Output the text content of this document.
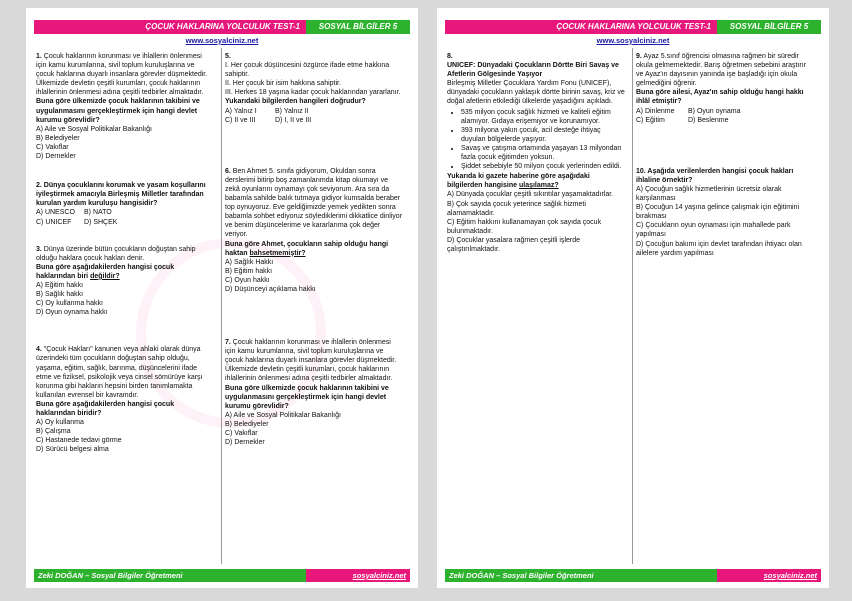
ÇOCUK HAKLARINA YOLCULUK TEST-1	SOSYAL BİLGİLER 5
www.sosyalciniz.net

1. Çocuk haklarının korunması ve ihlallerin önlenmesi için kamu kurumlarına, sivil toplum kuruluşlarına ve çocuk haklarına duyarlı insanlara görevler düşmektedir. Ülkemizde devletin çeşitli kurumları, çocuk haklarının ihlallerinin önlenmesi adına çeşitli tedbirler almaktadır.

Buna göre ülkemizde çocuk haklarının takibini ve uygulanmasını gerçekleştirmek için hangi devlet kurumu görevlidir?

A) Aile ve Sosyal Politikalar Bakanlığı

B) Belediyeler

C) Vakıflar

D) Dernekler

2. Dünya çocuklarını korumak ve yasam koşullarını iyileştirmek amacıyla Birleşmiş Milletler tarafından kurulan yardım kuruluşu hangisidir?

A) UNESCO	B) NATO

C) UNICEF	D) SHÇEK

3. Dünya üzerinde bütün çocukların doğuştan sahip olduğu haklara çocuk hakları denir.

Buna göre aşağıdakilerden hangisi çocuk haklarından biri değildir?

A) Eğitim hakkı

B) Sağlık hakkı

C) Oy kullanma hakkı

D) Oyun oynama hakkı

4. "Çocuk Hakları" kanunen veya ahlaki olarak dünya üzerindeki tüm çocukların doğuştan sahip olduğu, yaşama, eğitim, sağlık, barınma, düşüncelerini ifade etme ve fiziksel, psikolojik veya cinsel sömürüye karşı korunma gibi hakların hepsini birden tanımlamakta kullanılan evrensel bir kavramdır.

Buna göre aşağıdakilerden hangisi çocuk haklarından biridir?

A) Oy kullanma

B) Çalışma

C) Hastanede tedavi görme

D) Sürücü belgesi alma

5.

I. Her çocuk düşüncesini özgürce ifade etme hakkına sahiptir.

II. Her çocuk bir isim hakkına sahiptir.

III. Herkes 18 yaşına kadar çocuk haklarından yararlanır.

Yukarıdaki bilgilerden hangileri doğrudur?

A) Yalnız I	B) Yalnız II

C) II ve III	D) I, II ve III

6. Ben Ahmet 5. sınıfa gidiyorum, Okuldan sonra derslerimi bitirip boş zamanlarımda kitap okumayı ve zekâ oyunlarını oynamayı çok seviyorum. Ara sıra da babamla sahilde balık tutmaya gidiyor kumsalda beraber top oynuyoruz. Eve geldiğimizde yemek yedikten sonra babamla sohbet ediyoruz söylediklerimi dikkatlice dinliyor ve benim düşüncelerime ve kararlarıma çok değer veriyor.

Buna göre Ahmet, çocukların sahip olduğu hangi haktan bahsetmemiştir?

A) Sağlık Hakkı

B) Eğitim hakkı

C) Oyun hakkı

D) Düşünceyi açıklama hakkı

7. Çocuk haklarının korunması ve ihlallerin önlenmesi için kamu kurumlarına, sivil toplum kuruluşlarına ve çocuk haklarına duyarlı insanlara görevler düşmektedir. Ülkemizde devletin çeşitli kurumları, çocuk haklarının ihlallerinin önlenmesi adına çeşitli tedbirler almaktadır.

Buna göre ülkemizde çocuk haklarının takibini ve uygulanmasını gerçekleştirmek için hangi devlet kurumu görevlidir?

A) Aile ve Sosyal Politikalar Bakanlığı

B) Belediyeler

C) Vakıflar

D) Dernekler

Zeki DOĞAN – Sosyal Bilgiler Öğretmeni	sosyalciniz.net
ÇOCUK HAKLARINA YOLCULUK TEST-1	SOSYAL BİLGİLER 5
www.sosyalciniz.net

8.

UNICEF: Dünyadaki Çocukların Dörtte Biri Savaş ve Afetlerin Gölgesinde Yaşıyor

Birleşmiş Milletler Çocuklara Yardım Fonu (UNICEF), dünyadaki çocukların yaklaşık dörtte birinin savaş, kriz ve doğal afetlerin etkilediği ülkelerde yaşadığını açıkladı.

• 535 milyon çocuk sağlık hizmeti ve kaliteli eğitim alamıyor. Gıdaya erişemiyor ve korunamıyor.
• 393 milyona yakın çocuk, acil desteğe ihtiyaç duyulan bölgelerde yaşıyor.
• Savaş ve çatışma ortamında yaşayan 13 milyondan fazla çocuk eğitimden yoksun.
• Şiddet sebebiyle 50 milyon çocuk yerlerinden edildi.

Yukarıda ki gazete haberine göre aşağıdaki bilgilerden hangisine ulaşılamaz?

A) Dünyada çocuklar çeşitli sıkıntılar yaşamaktadırlar.

B) Çok sayıda çocuk yeterince sağlık hizmeti alamamaktadır.

C) Eğitim hakkını kullanamayan çok sayıda çocuk bulunmaktadır.

D) Çocuklar yasalara rağmen çeşitli işlerde çalıştırılmaktadır.

9. Ayaz 5.sınıf öğrencisi olmasına rağmen bir süredir okula gelmemektedir. Barış öğretmen sebebini araştırır ve Ayaz'ın dayısının yanında işe başladığı için okula gelmediğini öğrenir.

Buna göre ailesi, Ayaz'ın sahip olduğu hangi hakkı ihlâl etmiştir?

A) Dinlenme	B) Oyun oynama

C) Eğitim	D) Beslenme

10. Aşağıda verilenlerden hangisi çocuk hakları ihlaline örnektir?

A) Çocuğun sağlık hizmetlerinin ücretsiz olarak karşılanması

B) Çocuğun 14 yaşına gelince çalışmak için eğitimini bırakması

C) Çocukların oyun oynaması için mahallede park yapılması

D) Çocuğun bakımı için devlet tarafından ihtiyacı olan ailelere yardım yapılması

Zeki DOĞAN – Sosyal Bilgiler Öğretmeni	sosyalciniz.net
